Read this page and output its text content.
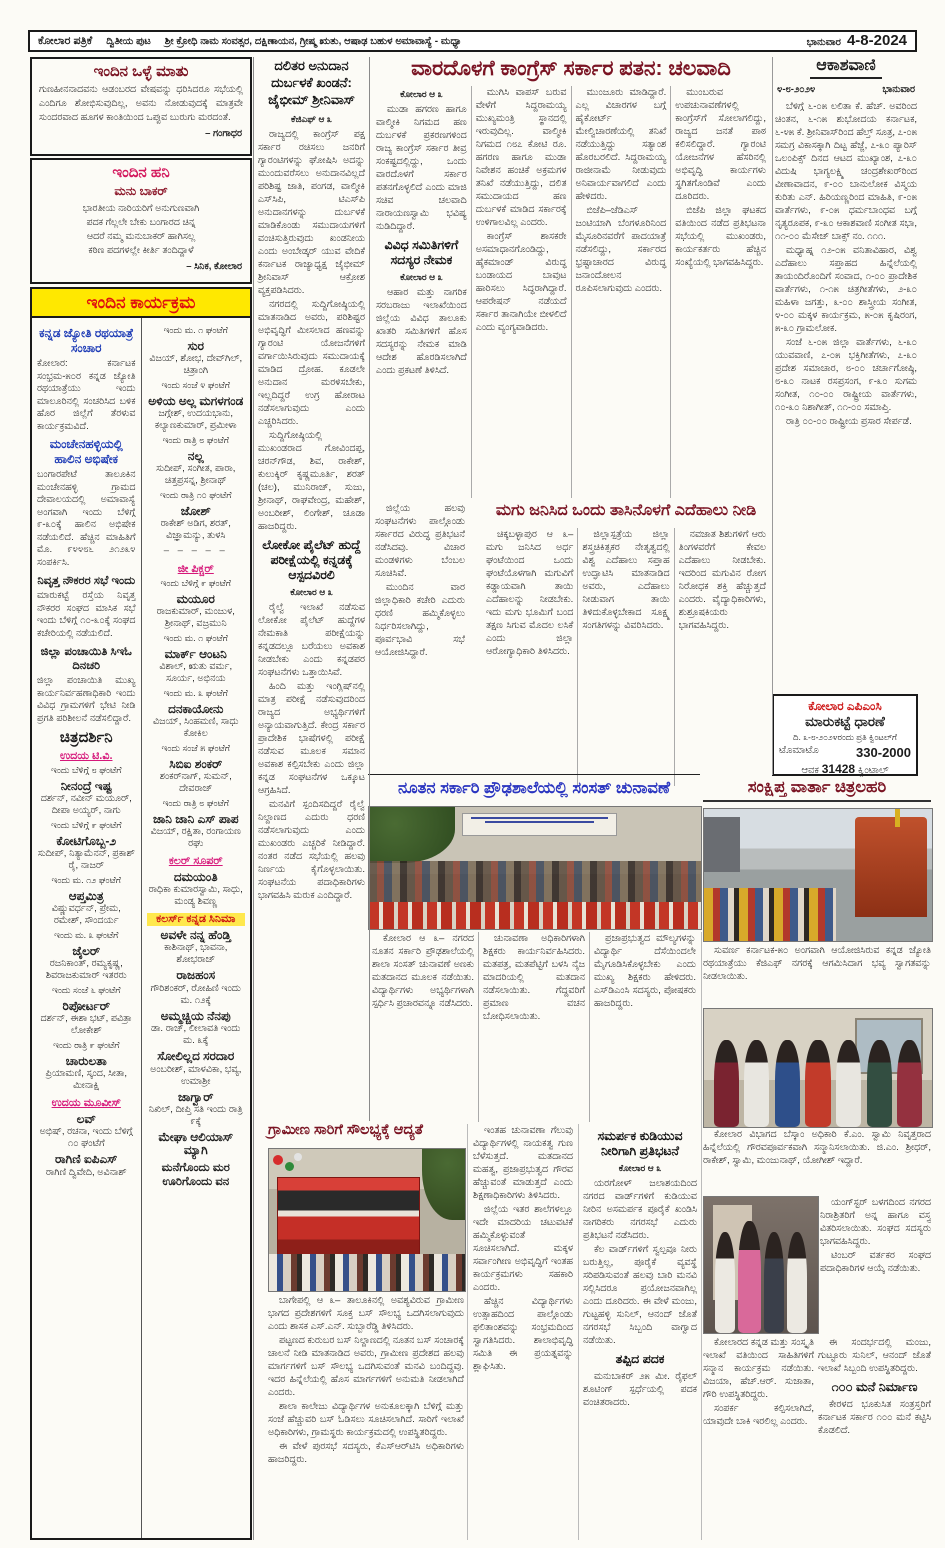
ಕೋಲಾರ ಪತ್ರಿಕೆ ದ್ವಿತೀಯ ಪುಟ ಶ್ರೀ ಕ್ರೋಧಿ ನಾಮ ಸಂವತ್ಸರ, ದಕ್ಷಿಣಾಯನ, ಗ್ರೀಷ್ಮ ಋತು, ಆಷಾಢ ಬಹುಳ ಅಮಾವಾಸ್ಯೆ - ಮಧ್ಯಾ	ಭಾನುವಾರ 4-8-2024
ಇಂದಿನ ಒಳ್ಳೆ ಮಾತು
ಗುಣಹೀನನಾದವನು ಆಡಂಬರದ ವೇಷವನ್ನು ಧರಿಸಿದರೂ ಸಭೆಯಲ್ಲಿ ಎಂದಿಗೂ ಶೋಭಿಸುವುದಿಲ್ಲ, ಅವನು ನೋಡುವುದಕ್ಕೆ ಮಾತ್ರವೇ ಸುಂದರವಾದ ಹೂಗಳ ಕಾಂತಿಯಿಂದ ಒಪ್ಪುವ ಬುರುಗು ಮರದಂತೆ.
– ಗಂಗಾಧರ
ಇಂದಿನ ಹನಿ
ಮನು ಬಾಕರ್
ಭಾರತೀಯ ನಾರಿಯರಿಗೆ ಅನುಗುಣವಾಗಿ
ಪದಕ ಗೆಲ್ಲಲೇ ಬೇಕು ಬಂಗಾರದ ಚಿನ್ನ
ಆದರೆ ನಮ್ಮ ಮನುಬಾಕರ್ ಹಾಗಿಸಲ್ಲ
ಕಠಿಣ ಪದಗಳಲ್ಲೇ ಕೀರ್ತಿ ತಂದಿದ್ದಾಳೆ
– ಸಿನಿಕ, ಕೋಲಾರ
ಇಂದಿನ ಕಾರ್ಯಕ್ರಮ
ಕನ್ನಡ ಜ್ಯೋತಿ ರಥಯಾತ್ರೆ ಸಂಚಾರ
ಕೋಲಾರ: ಕರ್ನಾಟಕ ಸಂಭ್ರಮ-೫೦ರ ಕನ್ನಡ ಜ್ಯೋತಿ ರಥಯಾತ್ರೆಯು ಇಂದು ಮಾಲೂರಿನಲ್ಲಿ ಸಂಚರಿಸಿದ ಬಳಿಕ ಹೊರ ಜಿಲ್ಲೆಗೆ ತೆರಳುವ ಕಾರ್ಯಕ್ರಮವಿದೆ.
ಮಂಚೇನಹಳ್ಳಿಯಲ್ಲಿ ಹಾಲಿನ ಅಭಿಷೇಕ
ಬಂಗಾರಪೇಟೆ ತಾಲೂಕಿನ ಮಂಚೇನಹಳ್ಳಿ ಗ್ರಾಮದ ದೇವಾಲಯದಲ್ಲಿ ಅಮಾವಾಸ್ಯೆ ಅಂಗವಾಗಿ ಇಂದು ಬೆಳಿಗ್ಗೆ ೯-೩೦ಕ್ಕೆ ಹಾಲಿನ ಅಭಿಷೇಕ ನಡೆಯಲಿದೆ. ಹೆಚ್ಚಿನ ಮಾಹಿತಿಗೆ ಮೊ. ೯೪೪೮೬ ೨೧೨೩೪ ಸಂಪರ್ಕಿಸಿ.
ನಿವೃತ್ತ ನೌಕರರ ಸಭೆ ಇಂದು
ಮಾರುಕಟ್ಟೆ ರಸ್ತೆಯ ನಿವೃತ್ತ ನೌಕರರ ಸಂಘದ ಮಾಸಿಕ ಸಭೆ ಇಂದು ಬೆಳಿಗ್ಗೆ ೧೦-೩೦ಕ್ಕೆ ಸಂಘದ ಕಚೇರಿಯಲ್ಲಿ ನಡೆಯಲಿದೆ.
ಜಿಲ್ಲಾ ಪಂಚಾಯಿತಿ ಸಿಇಓ ದಿನಚರಿ
ಜಿಲ್ಲಾ ಪಂಚಾಯಿತಿ ಮುಖ್ಯ ಕಾರ್ಯನಿರ್ವಹಣಾಧಿಕಾರಿ ಇಂದು ವಿವಿಧ ಗ್ರಾಮಗಳಿಗೆ ಭೇಟಿ ನೀಡಿ ಪ್ರಗತಿ ಪರಿಶೀಲನೆ ನಡೆಸಲಿದ್ದಾರೆ.
ಚಿತ್ರದರ್ಶಿನಿ
ಉದಯ ಟಿ.ವಿ.
ಇಂದು ಬೆಳಿಗ್ಗೆ ೮ ಘಂಟೆಗೆ
ನೀನಂದ್ರೆ ಇಷ್ಟ
ದರ್ಶನ್, ನವೀನ್ ಮಯೂರ್, ದೀಪಾ ಅಯ್ಯರ್, ನಾಗು
ಇಂದು ಬೆಳಿಗ್ಗೆ ೯ ಘಂಟೆಗೆ
ಕೋಟಿಗೊಬ್ಬ-೨
ಸುದೀಪ್, ನಿತ್ಯಾಮೆನನ್, ಪ್ರಕಾಶ್ ರೈ, ನಾಜರ್
ಇಂದು ಮ. ೧೨ ಘಂಟೆಗೆ
ಆಪ್ತಮಿತ್ರ
ವಿಷ್ಣುವರ್ಧನ್, ಪ್ರೇಮ, ರಮೇಶ್, ಸೌಂದರ್ಯ
ಇಂದು ಮ. ೩ ಘಂಟೆಗೆ
ಜೈಲರ್
ರಜನಿಕಾಂತ್, ರಮ್ಯಕೃಷ್ಣ, ಶಿವರಾಜಕುಮಾರ್ ಇತರರು
ಇಂದು ಸಂಜೆ ೬ ಘಂಟೆಗೆ
ರಿಪೋರ್ಟರ್
ದರ್ಶನ್, ಈಶಾ ಭಟ್, ಪವಿತ್ರಾ ಲೋಕೇಶ್
ಇಂದು ರಾತ್ರಿ ೯ ಘಂಟೆಗೆ
ಚಾರುಲತಾ
ಪ್ರಿಯಾಮಣಿ, ಸ್ಕಂದ, ಸೀತಾ, ಮೀನಾಕ್ಷಿ
ಉದಯ ಮೂವೀಸ್
ಲವ್
ಅಭಿಷ್, ರಚನಾ, ಇಂದು ಬೆಳಿಗ್ಗೆ ೧೦ ಘಂಟೆಗೆ
ರಾಗಿಣಿ ಐಪಿಎಸ್
ರಾಗಿಣಿ ದ್ವಿವೇದಿ, ಅವಿನಾಶ್
ಇಂದು ಮ. ೧ ಘಂಟೆಗೆ
ಸುರ
ವಿಜಯ್, ಶೋಭ, ದೇವ್‌ಗಿಲ್, ಚಿತ್ರಾಂಗಿ
ಇಂದು ಸಂಜೆ ೪ ಘಂಟೆಗೆ
ಅಳಿಯ ಅಲ್ಲ ಮಗಳಗಂಡ
ಜಗ್ಗೇಶ್, ಉದಯಭಾನು, ಕಲ್ಯಾಣಕುಮಾರ್, ಪ್ರಮೀಳಾ
ಇಂದು ರಾತ್ರಿ ೮ ಘಂಟೆಗೆ
ನಲ್ಲ
ಸುದೀಪ್, ಸಂಗೀತ, ಪಾರಾ, ಚಿತ್ತಪ್ರಸನ್ನ, ಶ್ರೀನಾಥ್
ಇಂದು ರಾತ್ರಿ ೧೦ ಘಂಟೆಗೆ
ಜೋಶ್
ರಾಕೇಶ್ ಅಡಿಗ, ಶರತ್, ವಿಜ್ಞಾಮನ್ಯು, ತುಳಸಿ
– – – – –
ಜೀ ಪಿಕ್ಚರ್
ಇಂದು ಬೆಳಿಗ್ಗೆ ೯ ಘಂಟೆಗೆ
ಮಯೂರ
ರಾಜಕುಮಾರ್, ಮಂಜುಳ, ಶ್ರೀನಾಥ್, ವಜ್ರಮುನಿ
ಇಂದು ಮ. ೧ ಘಂಟೆಗೆ
ಮಾರ್ಕ್ ಆಂಟನಿ
ವಿಶಾಲ್, ಋತು ವರ್ಮ, ಸೂರ್ಯ, ಅಭಿನಯ
ಇಂದು ಮ. ೩ ಘಂಟೆಗೆ
ದನಕಾಯೋನು
ವಿಜಯ್, ಸಿಂಹಮಣಿ, ಸಾಧು ಕೋಕಿಲ
ಇಂದು ಸಂಜೆ ೫ ಘಂಟೆಗೆ
ಸಿಬಿಐ ಶಂಕರ್
ಶಂಕರ್‌ನಾಗ್, ಸುಮನ್, ದೇವರಾಜ್
ಇಂದು ರಾತ್ರಿ ೮ ಘಂಟೆಗೆ
ಜಾನಿ ಜಾನಿ ಎಸ್ ಪಾಪ
ವಿಜಯ್, ರಕ್ಷಿತಾ, ರಂಗಾಯಣ ರಘು
ಕಲರ್ ಸೂಪರ್
ದಮಯಂತಿ
ರಾಧಿಕಾ ಕುಮಾರಸ್ವಾಮಿ, ಸಾಧು, ಮಂಡ್ಯ ಶಿವಣ್ಣ
ಕಲರ್ಸ್ ಕನ್ನಡ ಸಿನಿಮಾ
ಅವಳೇ ನನ್ನ ಹೆಂಡ್ತಿ
ಕಾಶಿನಾಥ್, ಭಾವನಾ, ಶೋಭರಾಜ್
ರಾಜಹಂಸ
ಗೌರಿಶಂಕರ್, ರೋಹಿಣಿ ಇಂದು ಮ. ೧೨ಕ್ಕೆ
ಅಮ್ಮಚ್ಚಿಯ ನೆನಪು
ಡಾ. ರಾಜ್, ಲೀಲಾವತಿ ಇಂದು ಮ. ೩ಕ್ಕೆ
ಸೋಲಿಲ್ಲದ ಸರದಾರ
ಅಂಬರೀಶ್, ಮಾಳವಿಕಾ, ಭವ್ಯ, ಉಮಾಶ್ರೀ
ಜಾಗ್ವಾರ್
ನಿಖಿಲ್, ದೀಪ್ತಿ ಸತಿ ಇಂದು ರಾತ್ರಿ ೯ಕ್ಕೆ
ಮೇಘಾ ಆಲಿಯಾಸ್ ಮ್ಯಾಗಿ
ಮನೆಗೊಂದು ಮರ ಊರಿಗೊಂದು ವನ
ದಲಿತರ ಅನುದಾನ ದುರ್ಬಳಕೆ ಖಂಡನೆ: ಜೈಭೀಮ್ ಶ್ರೀನಿವಾಸ್
ಕೆಜಿಎಫ್ ಆ ೩
ರಾಜ್ಯದಲ್ಲಿ ಕಾಂಗ್ರೆಸ್ ಪಕ್ಷ ಸರ್ಕಾರ ರಚಿಸಲು ಜನರಿಗೆ ಗ್ಯಾರಂಟಿಗಳನ್ನು ಘೋಷಿಸಿ ಅದನ್ನು ಮುಂದುವರೆಸಲು ಅನುದಾನವಿಲ್ಲದೆ ಪರಿಶಿಷ್ಟ ಜಾತಿ, ಪಂಗಡ, ವಾಲ್ಮೀಕಿ ಎಸ್‌ಸಿಪಿ, ಟಿಎಸ್‌ಪಿ ಅನುದಾನಗಳನ್ನು ದುರ್ಬಳಕೆ ಮಾಡಿಕೊಂಡು ಸಮುದಾಯಗಳಿಗೆ ವಂಚಿಸುತ್ತಿರುವುದು ಖಂಡನೀಯ ಎಂದು ಅಂಬೇಡ್ಕರ್ ಯುವ ವೇದಿಕೆ ಕರ್ನಾಟಕ ರಾಜ್ಯಾಧ್ಯಕ್ಷ ಜೈಭೀಮ್ ಶ್ರೀನಿವಾಸ್ ಆಕ್ರೋಶ ವ್ಯಕ್ತಪಡಿಸಿದರು.
ನಗರದಲ್ಲಿ ಸುದ್ದಿಗೋಷ್ಠಿಯಲ್ಲಿ ಮಾತನಾಡಿದ ಅವರು, ಪರಿಶಿಷ್ಟರ ಅಭಿವೃದ್ಧಿಗೆ ಮೀಸಲಾದ ಹಣವನ್ನು ಗ್ಯಾರಂಟಿ ಯೋಜನೆಗಳಿಗೆ ವರ್ಗಾಯಿಸಿರುವುದು ಸಮುದಾಯಕ್ಕೆ ಮಾಡಿದ ದ್ರೋಹ. ಕೂಡಲೇ ಅನುದಾನ ಮರಳಿಸಬೇಕು, ಇಲ್ಲದಿದ್ದರೆ ಉಗ್ರ ಹೋರಾಟ ನಡೆಸಲಾಗುವುದು ಎಂದು ಎಚ್ಚರಿಸಿದರು.
ಸುದ್ದಿಗೋಷ್ಠಿಯಲ್ಲಿ ಮುಖಂಡರಾದ ಗೋವಿಂದಪ್ಪ, ಚರನ್‌ಗೌಡ, ಶಿವ, ರಾಕೇಶ್, ಕುಲುಕ್ಕಿರ್ ಕೃಷ್ಣಮೂರ್ತಿ, ಶರತ್ (ಚಲ), ಮುನಿರಾಜ್, ಸುಜು, ಶ್ರೀನಾಥ್, ರಾಘವೇಂದ್ರ, ಮಹೇಶ್, ಅಂಬರೀಶ್, ಲಿಂಗೇಶ್, ಚೂಡಾ ಹಾಜರಿದ್ದರು.
ಲೋಕೋ ಪೈಲೆಟ್ ಹುದ್ದೆ ಪರೀಕ್ಷೆಯಲ್ಲಿ ಕನ್ನಡಕ್ಕೆ ಆಸ್ಪದವಿರಲಿ
ಕೋಲಾರ ಆ ೩
ರೈಲ್ವೆ ಇಲಾಖೆ ನಡೆಸುವ ಲೋಕೋ ಪೈಲೆಟ್ ಹುದ್ದೆಗಳ ನೇಮಕಾತಿ ಪರೀಕ್ಷೆಯನ್ನು ಕನ್ನಡದಲ್ಲೂ ಬರೆಯಲು ಅವಕಾಶ ನೀಡಬೇಕು ಎಂದು ಕನ್ನಡಪರ ಸಂಘಟನೆಗಳು ಒತ್ತಾಯಿಸಿವೆ.
ಹಿಂದಿ ಮತ್ತು ಇಂಗ್ಲಿಷ್‌ನಲ್ಲಿ ಮಾತ್ರ ಪರೀಕ್ಷೆ ನಡೆಸುವುದರಿಂದ ರಾಜ್ಯದ ಅಭ್ಯರ್ಥಿಗಳಿಗೆ ಅನ್ಯಾಯವಾಗುತ್ತಿದೆ. ಕೇಂದ್ರ ಸರ್ಕಾರ ಪ್ರಾದೇಶಿಕ ಭಾಷೆಗಳಲ್ಲಿ ಪರೀಕ್ಷೆ ನಡೆಸುವ ಮೂಲಕ ಸಮಾನ ಅವಕಾಶ ಕಲ್ಪಿಸಬೇಕು ಎಂದು ಜಿಲ್ಲಾ ಕನ್ನಡ ಸಂಘಟನೆಗಳ ಒಕ್ಕೂಟ ಆಗ್ರಹಿಸಿದೆ.
ಮನವಿಗೆ ಸ್ಪಂದಿಸದಿದ್ದರೆ ರೈಲ್ವೆ ನಿಲ್ದಾಣದ ಎದುರು ಧರಣಿ ನಡೆಸಲಾಗುವುದು ಎಂದು ಮುಖಂಡರು ಎಚ್ಚರಿಕೆ ನೀಡಿದ್ದಾರೆ. ನಂತರ ನಡೆದ ಸಭೆಯಲ್ಲಿ ಹಲವು ನಿರ್ಣಯ ಕೈಗೊಳ್ಳಲಾಯಿತು. ಸಂಘಟನೆಯ ಪದಾಧಿಕಾರಿಗಳು ಭಾಗವಹಿಸಿ ಮರುಕ ಎಂದಿದ್ದಾರೆ.
ವಾರದೊಳಗೆ ಕಾಂಗ್ರೆಸ್ ಸರ್ಕಾರ ಪತನ: ಚಲವಾದಿ
ಕೋಲಾರ ಆ ೩
ಮುಡಾ ಹಗರಣ ಹಾಗೂ ವಾಲ್ಮೀಕಿ ನಿಗಮದ ಹಣ ದುರ್ಬಳಕೆ ಪ್ರಕರಣಗಳಿಂದ ರಾಜ್ಯ ಕಾಂಗ್ರೆಸ್ ಸರ್ಕಾರ ತೀವ್ರ ಸಂಕಷ್ಟದಲ್ಲಿದ್ದು, ಒಂದು ವಾರದೊಳಗೆ ಸರ್ಕಾರ ಪತನಗೊಳ್ಳಲಿದೆ ಎಂದು ಮಾಜಿ ಸಚಿವ ಚಲವಾದಿ ನಾರಾಯಣಸ್ವಾಮಿ ಭವಿಷ್ಯ ನುಡಿದಿದ್ದಾರೆ.
ವಿವಿಧ ಸಮಿತಿಗಳಿಗೆ ಸದಸ್ಯರ ನೇಮಕ
ಕೋಲಾರ ಆ ೩
ಆಹಾರ ಮತ್ತು ನಾಗರಿಕ ಸರಬರಾಜು ಇಲಾಖೆಯಿಂದ ಜಿಲ್ಲೆಯ ವಿವಿಧ ತಾಲೂಕು ಖಾತರಿ ಸಮಿತಿಗಳಿಗೆ ಹೊಸ ಸದಸ್ಯರನ್ನು ನೇಮಕ ಮಾಡಿ ಆದೇಶ ಹೊರಡಿಸಲಾಗಿದೆ ಎಂದು ಪ್ರಕಟಣೆ ತಿಳಿಸಿದೆ.
ಮುಗಿಸಿ ವಾಪಸ್ ಬರುವ ವೇಳೆಗೆ ಸಿದ್ದರಾಮಯ್ಯ ಮುಖ್ಯಮಂತ್ರಿ ಸ್ಥಾನದಲ್ಲಿ ಇರುವುದಿಲ್ಲ. ವಾಲ್ಮೀಕಿ ನಿಗಮದ ೧೮೭ ಕೋಟಿ ರೂ. ಹಗರಣ ಹಾಗೂ ಮುಡಾ ನಿವೇಶನ ಹಂಚಿಕೆ ಅಕ್ರಮಗಳ ತನಿಖೆ ನಡೆಯುತ್ತಿದ್ದು, ದಲಿತ ಸಮುದಾಯದ ಹಣ ದುರ್ಬಳಕೆ ಮಾಡಿದ ಸರ್ಕಾರಕ್ಕೆ ಉಳಿಗಾಲವಿಲ್ಲ ಎಂದರು.
ಕಾಂಗ್ರೆಸ್ ಶಾಸಕರೇ ಅಸಮಾಧಾನಗೊಂಡಿದ್ದು, ಹೈಕಮಾಂಡ್ ವಿರುದ್ಧ ಬಂಡಾಯದ ಬಾವುಟ ಹಾರಿಸಲು ಸಿದ್ಧರಾಗಿದ್ದಾರೆ. ಆಪರೇಷನ್ ನಡೆಯದೆ ಸರ್ಕಾರ ತಾನಾಗಿಯೇ ಬೀಳಲಿದೆ ಎಂದು ವ್ಯಂಗ್ಯವಾಡಿದರು.
ಮುಂಜೂರು ಮಾಡಿದ್ದಾರೆ. ಎಲ್ಲ ವಿಚಾರಗಳ ಬಗ್ಗೆ ಹೈಕೋರ್ಟ್ ಮೇಲ್ವಿಚಾರಣೆಯಲ್ಲಿ ತನಿಖೆ ನಡೆಯುತ್ತಿದ್ದು ಸತ್ಯಾಂಶ ಹೊರಬರಲಿದೆ. ಸಿದ್ದರಾಮಯ್ಯ ರಾಜೀನಾಮೆ ನೀಡುವುದು ಅನಿವಾರ್ಯವಾಗಲಿದೆ ಎಂದು ಹೇಳಿದರು.
ಬಿಜೆಪಿ–ಜೆಡಿಎಸ್ ಜಂಟಿಯಾಗಿ ಬೆಂಗಳೂರಿನಿಂದ ಮೈಸೂರಿನವರೆಗೆ ಪಾದಯಾತ್ರೆ ನಡೆಸಲಿದ್ದು, ಸರ್ಕಾರದ ಭ್ರಷ್ಟಾಚಾರದ ವಿರುದ್ಧ ಜನಾಂದೋಲನ ರೂಪಿಸಲಾಗುವುದು ಎಂದರು.
ಮುಂಬರುವ ಉಪಚುನಾವಣೆಗಳಲ್ಲಿ ಕಾಂಗ್ರೆಸ್‌ಗೆ ಸೋಲಾಗಲಿದ್ದು, ರಾಜ್ಯದ ಜನತೆ ಪಾಠ ಕಲಿಸಲಿದ್ದಾರೆ. ಗ್ಯಾರಂಟಿ ಯೋಜನೆಗಳ ಹೆಸರಿನಲ್ಲಿ ಅಭಿವೃದ್ಧಿ ಕಾರ್ಯಗಳು ಸ್ಥಗಿತಗೊಂಡಿವೆ ಎಂದು ದೂರಿದರು.
ಬಿಜೆಪಿ ಜಿಲ್ಲಾ ಘಟಕದ ವತಿಯಿಂದ ನಡೆದ ಪ್ರತಿಭಟನಾ ಸಭೆಯಲ್ಲಿ ಮುಖಂಡರು, ಕಾರ್ಯಕರ್ತರು ಹೆಚ್ಚಿನ ಸಂಖ್ಯೆಯಲ್ಲಿ ಭಾಗವಹಿಸಿದ್ದರು.
ಜಿಲ್ಲೆಯ ಹಲವು ಸಂಘಟನೆಗಳು ಪಾಲ್ಗೊಂಡು ಸರ್ಕಾರದ ವಿರುದ್ಧ ಪ್ರತಿಭಟನೆ ನಡೆಸಿದವು. ವಿಚಾರ ಮಂಡಳಿಗಳು ಬೆಂಬಲ ಸೂಚಿಸಿವೆ.
ಮುಂದಿನ ವಾರ ಜಿಲ್ಲಾಧಿಕಾರಿ ಕಚೇರಿ ಎದುರು ಧರಣಿ ಹಮ್ಮಿಕೊಳ್ಳಲು ನಿರ್ಧರಿಸಲಾಗಿದ್ದು, ಪೂರ್ವಭಾವಿ ಸಭೆ ಆಯೋಜಿಸಿದ್ದಾರೆ.
ಮಗು ಜನಿಸಿದ ಒಂದು ತಾಸಿನೊಳಗೆ ಎದೆಹಾಲು ನೀಡಿ
ಚಿಕ್ಕಬಳ್ಳಾಪುರ ಆ ೩– ಮಗು ಜನಿಸಿದ ಅರ್ಧ ಘಂಟೆಯಿಂದ ಒಂದು ಘಂಟೆಯೊಳಗಾಗಿ ಮಗುವಿಗೆ ಕಡ್ಡಾಯವಾಗಿ ತಾಯಿ ಎದೆಹಾಲನ್ನು ನೀಡಬೇಕು. ಇದು ಮಗು ಭೂಮಿಗೆ ಬಂದ ತಕ್ಷಣ ಸಿಗುವ ಮೊದಲ ಲಸಿಕೆ ಎಂದು ಜಿಲ್ಲಾ ಆರೋಗ್ಯಾಧಿಕಾರಿ ತಿಳಿಸಿದರು.
ಜಿಲ್ಲಾಸ್ಪತ್ರೆಯ ಜಿಲ್ಲಾ ಶಸ್ತ್ರಚಿಕಿತ್ಸಕರ ನೇತೃತ್ವದಲ್ಲಿ ವಿಶ್ವ ಎದೆಹಾಲು ಸಪ್ತಾಹ ಉದ್ಘಾಟಿಸಿ ಮಾತನಾಡಿದ ಅವರು, ಎದೆಹಾಲು ನೀಡುವಾಗ ತಾಯಿ ತಿಳಿದುಕೊಳ್ಳಬೇಕಾದ ಸೂಕ್ಷ್ಮ ಸಂಗತಿಗಳನ್ನು ವಿವರಿಸಿದರು.
ನವಜಾತ ಶಿಶುಗಳಿಗೆ ಆರು ತಿಂಗಳವರೆಗೆ ಕೇವಲ ಎದೆಹಾಲು ನೀಡಬೇಕು. ಇದರಿಂದ ಮಗುವಿನ ರೋಗ ನಿರೋಧಕ ಶಕ್ತಿ ಹೆಚ್ಚುತ್ತದೆ ಎಂದರು. ವೈದ್ಯಾಧಿಕಾರಿಗಳು, ಶುಶ್ರೂಷಕಿಯರು ಭಾಗವಹಿಸಿದ್ದರು.
ನೂತನ ಸರ್ಕಾರಿ ಪ್ರೌಢಶಾಲೆಯಲ್ಲಿ ಸಂಸತ್ ಚುನಾವಣೆ
ಕೋಲಾರ ಆ ೩– ನಗರದ ನೂತನ ಸರ್ಕಾರಿ ಪ್ರೌಢಶಾಲೆಯಲ್ಲಿ ಶಾಲಾ ಸಂಸತ್ ಚುನಾವಣೆ ಅಣಕು ಮತದಾನದ ಮೂಲಕ ನಡೆಯಿತು. ವಿದ್ಯಾರ್ಥಿಗಳು ಅಭ್ಯರ್ಥಿಗಳಾಗಿ ಸ್ಪರ್ಧಿಸಿ ಪ್ರಚಾರವನ್ನೂ ನಡೆಸಿದರು.
ಚುನಾವಣಾ ಅಧಿಕಾರಿಗಳಾಗಿ ಶಿಕ್ಷಕರು ಕಾರ್ಯನಿರ್ವಹಿಸಿದರು. ಮತಪತ್ರ, ಮತಪೆಟ್ಟಿಗೆ ಬಳಸಿ ನೈಜ ಮಾದರಿಯಲ್ಲಿ ಮತದಾನ ನಡೆಸಲಾಯಿತು. ಗೆದ್ದವರಿಗೆ ಪ್ರಮಾಣ ವಚನ ಬೋಧಿಸಲಾಯಿತು.
ಪ್ರಜಾಪ್ರಭುತ್ವದ ಮೌಲ್ಯಗಳನ್ನು ವಿದ್ಯಾರ್ಥಿ ದೆಸೆಯಿಂದಲೇ ಮೈಗೂಡಿಸಿಕೊಳ್ಳಬೇಕು ಎಂದು ಮುಖ್ಯ ಶಿಕ್ಷಕರು ಹೇಳಿದರು. ಎಸ್‌ಡಿಎಂಸಿ ಸದಸ್ಯರು, ಪೋಷಕರು ಹಾಜರಿದ್ದರು.
ಗ್ರಾಮೀಣ ಸಾರಿಗೆ ಸೌಲಭ್ಯಕ್ಕೆ ಆದ್ಯತೆ
ಬಾಗೇಪಲ್ಲಿ ಆ ೩– ತಾಲೂಕಿನಲ್ಲಿ ಅವಶ್ಯವಿರುವ ಗ್ರಾಮೀಣ ಭಾಗದ ಪ್ರದೇಶಗಳಿಗೆ ಸೂಕ್ತ ಬಸ್ ಸೌಲಭ್ಯ ಒದಗಿಸಲಾಗುವುದು ಎಂದು ಶಾಸಕ ಎಸ್.ಎನ್. ಸುಬ್ಬಾರೆಡ್ಡಿ ತಿಳಿಸಿದರು.
ಪಟ್ಟಣದ ಕುರುಬರ ಬಸ್ ನಿಲ್ದಾಣದಲ್ಲಿ ನೂತನ ಬಸ್ ಸಂಚಾರಕ್ಕೆ ಚಾಲನೆ ನೀಡಿ ಮಾತನಾಡಿದ ಅವರು, ಗ್ರಾಮೀಣ ಪ್ರದೇಶದ ಹಲವು ಮಾರ್ಗಗಳಿಗೆ ಬಸ್ ಸೌಲಭ್ಯ ಒದಗಿಸುವಂತೆ ಮನವಿ ಬಂದಿದ್ದವು. ಇದರ ಹಿನ್ನೆಲೆಯಲ್ಲಿ ಹೊಸ ಮಾರ್ಗಗಳಿಗೆ ಅನುಮತಿ ನೀಡಲಾಗಿದೆ ಎಂದರು.
ಶಾಲಾ ಕಾಲೇಜು ವಿದ್ಯಾರ್ಥಿಗಳ ಅನುಕೂಲಕ್ಕಾಗಿ ಬೆಳಿಗ್ಗೆ ಮತ್ತು ಸಂಜೆ ಹೆಚ್ಚುವರಿ ಬಸ್ ಓಡಿಸಲು ಸೂಚಿಸಲಾಗಿದೆ. ಸಾರಿಗೆ ಇಲಾಖೆ ಅಧಿಕಾರಿಗಳು, ಗ್ರಾಮಸ್ಥರು ಕಾರ್ಯಕ್ರಮದಲ್ಲಿ ಉಪಸ್ಥಿತರಿದ್ದರು.
ಈ ವೇಳೆ ಪುರಸಭೆ ಸದಸ್ಯರು, ಕೆಎಸ್‌ಆರ್‌ಟಿಸಿ ಅಧಿಕಾರಿಗಳು ಹಾಜರಿದ್ದರು.
ಇಂತಹ ಚುನಾವಣಾ ಗೆಲುವು ವಿದ್ಯಾರ್ಥಿಗಳಲ್ಲಿ ನಾಯಕತ್ವ ಗುಣ ಬೆಳೆಸುತ್ತದೆ. ಮತದಾನದ ಮಹತ್ವ, ಪ್ರಜಾಪ್ರಭುತ್ವದ ಗೌರವ ಹೆಚ್ಚುವಂತೆ ಮಾಡುತ್ತದೆ ಎಂದು ಶಿಕ್ಷಣಾಧಿಕಾರಿಗಳು ತಿಳಿಸಿದರು.
ಜಿಲ್ಲೆಯ ಇತರ ಶಾಲೆಗಳಲ್ಲೂ ಇದೇ ಮಾದರಿಯ ಚಟುವಟಿಕೆ ಹಮ್ಮಿಕೊಳ್ಳುವಂತೆ ಸೂಚಿಸಲಾಗಿದೆ. ಮಕ್ಕಳ ಸರ್ವಾಂಗೀಣ ಅಭಿವೃದ್ಧಿಗೆ ಇಂತಹ ಕಾರ್ಯಕ್ರಮಗಳು ಸಹಕಾರಿ ಎಂದರು.
ಹೆಚ್ಚಿನ ವಿದ್ಯಾರ್ಥಿಗಳು ಉತ್ಸಾಹದಿಂದ ಪಾಲ್ಗೊಂಡು ಫಲಿತಾಂಶವನ್ನು ಸಂಭ್ರಮದಿಂದ ಸ್ವಾಗತಿಸಿದರು. ಶಾಲಾಭಿವೃದ್ಧಿ ಸಮಿತಿ ಈ ಪ್ರಯತ್ನವನ್ನು ಶ್ಲಾಘಿಸಿತು.
ಸಮರ್ಪಕ ಕುಡಿಯುವ ನೀರಿಗಾಗಿ ಪ್ರತಿಭಟನೆ
ಕೋಲಾರ ಆ ೩
ಯರಗೋಳ್ ಜಲಾಶಯದಿಂದ ನಗರದ ವಾರ್ಡ್‌ಗಳಿಗೆ ಕುಡಿಯುವ ನೀರಿನ ಅಸಮರ್ಪಕ ಪೂರೈಕೆ ಖಂಡಿಸಿ ನಾಗರಿಕರು ನಗರಸಭೆ ಎದುರು ಪ್ರತಿಭಟನೆ ನಡೆಸಿದರು.
ಕೆಲ ವಾರ್ಡ್‌ಗಳಿಗೆ ಸ್ವಲ್ಪವೂ ನೀರು ಬರುತ್ತಿಲ್ಲ, ಪೂರೈಕೆ ವ್ಯವಸ್ಥೆ ಸರಿಪಡಿಸುವಂತೆ ಹಲವು ಬಾರಿ ಮನವಿ ಸಲ್ಲಿಸಿದರೂ ಪ್ರಯೋಜನವಾಗಿಲ್ಲ ಎಂದು ದೂರಿದರು. ಈ ವೇಳೆ ಮಂಜು, ಗುಟ್ಟಹಳ್ಳಿ ಸುನಿಲ್, ಆನಂದ್ ಜೊತೆ ನಗರಸಭೆ ಸಿಬ್ಬಂದಿ ವಾಗ್ವಾದ ನಡೆಯಿತು.
ತಪ್ಪಿದ ಪದಕ
ಮನುಬಾಕರ್ ೨೫ ಮೀ. ರೈಫಲ್ ಶೂಟಿಂಗ್ ಸ್ಪರ್ಧೆಯಲ್ಲಿ ಪದಕ ವಂಚಿತರಾದರು.
ಆಕಾಶವಾಣಿ
೪-೮-೨೦೨೪	ಭಾನುವಾರ
ಬೆಳಿಗ್ಗೆ ೬-೦೫ ಲಲಿತಾ ಕೆ. ಹೆಚ್. ಅವರಿಂದ ಚಿಂತನ, ೬-೧೫ ಶುಭೋದಯ ಕರ್ನಾಟಕ, ೬-೪೫ ಕೆ. ಶ್ರೀನಿವಾಸ್‌ರಿಂದ ಹೆಲ್ತ್ ಸೂತ್ರ, ೭-೦೫ ಸಮಗ್ರ ವಿಕಾಸಕ್ಕಾಗಿ ದಿಟ್ಟ ಹೆಜ್ಜೆ, ೭-೩೦ ಪ್ಯಾರಿಸ್ ಒಲಂಪಿಕ್ಸ್ ದಿನದ ಆಟದ ಮುಖ್ಯಾಂಶ, ೭-೩೦ ವಿದುಷಿ ಭಾಗ್ಯಲಕ್ಷ್ಮಿ ಚಂದ್ರಶೇಖರ್‌ರಿಂದ ವೀಣಾವಾದನ, ೯-೦೦ ಬಾನುಲೋಕ ವಿಸ್ಮಯ ಕುರಿತು ಎನ್. ಹಿರಿಯಣ್ಣರಿಂದ ಮಾಹಿತಿ, ೯-೦೫ ವಾರ್ತೆಗಳು, ೯-೦೫ ಧರ್ಮಬಾಂಧವ ಬಗ್ಗೆ ನೃತ್ಯರೂಪಕ, ೯-೩೦ ಆಕಾಶವಾಣಿ ಸಂಗೀತ ಸಭಾ, ೧೧-೦೦ ಮೆಸೇಜ್ ಬಾಕ್ಸ್ ನಂ. ೧೧೧.
ಮಧ್ಯಾಹ್ನ ೧೨-೦೫ ವನಿತಾವಿಹಾರ, ವಿಶ್ವ ಎದೆಹಾಲು ಸಪ್ತಾಹದ ಹಿನ್ನೆಲೆಯಲ್ಲಿ ತಾಯಂದಿರೊಂದಿಗೆ ಸಂವಾದ, ೧-೦೦ ಪ್ರಾದೇಶಿಕ ವಾರ್ತೆಗಳು, ೧-೧೫ ಚಿತ್ರಗೀತೆಗಳು, ೨-೩೦ ಮಹಿಳಾ ಜಗತ್ತು, ೩-೦೦ ಶಾಸ್ತ್ರೀಯ ಸಂಗೀತ, ೪-೦೦ ಮಕ್ಕಳ ಕಾರ್ಯಕ್ರಮ, ೫-೦೫ ಕೃಷಿರಂಗ, ೫-೩೦ ಗ್ರಾಮಲೋಕ.
ಸಂಜೆ ೬-೦೫ ಜಿಲ್ಲಾ ವಾರ್ತೆಗಳು, ೬-೩೦ ಯುವವಾಣಿ, ೭-೦೫ ಭಕ್ತಿಗೀತೆಗಳು, ೭-೩೦ ಪ್ರದೇಶ ಸಮಾಚಾರ, ೮-೦೦ ಚರ್ಚಾಗೋಷ್ಠಿ, ೮-೩೦ ನಾಟಕ ರಸಪ್ರಸಂಗ, ೯-೩೦ ಸುಗಮ ಸಂಗೀತ, ೧೦-೦೦ ರಾಷ್ಟ್ರೀಯ ವಾರ್ತೆಗಳು, ೧೦-೩೦ ನಿಶಾಗೀತ್, ೧೧-೦೦ ಸಮಾಪ್ತಿ.
ರಾತ್ರಿ ೦೦-೦೦ ರಾಷ್ಟ್ರೀಯ ಪ್ರಸಾರ ಸೇರ್ಪಡೆ.
ಕೋಲಾರ ಎಪಿಎಂಸಿ
ಮಾರುಕಟ್ಟೆ ಧಾರಣೆ
ದಿ. ೩-೮-೨೦೨೪ರಂದು ಪ್ರತಿ ಕ್ವಿಂಟಲ್‌ಗೆ
ಟೊಮಾಟೊ	330-2000
ಆವಕ 31428 ಕ್ವಿಂಟಾಲ್
ಸಂಕ್ಷಿಪ್ತ ವಾರ್ತಾ ಚಿತ್ರಲಹರಿ
ಸುವರ್ಣ ಕರ್ನಾಟಕ-೫೦ ಅಂಗವಾಗಿ ಆಯೋಜಿಸಿರುವ ಕನ್ನಡ ಜ್ಯೋತಿ ರಥಯಾತ್ರೆಯು ಕೆಜಿಎಫ್ ನಗರಕ್ಕೆ ಆಗಮಿಸಿದಾಗ ಭವ್ಯ ಸ್ವಾಗತವನ್ನು ನೀಡಲಾಯಿತು.
ಕೋಲಾರ ವಿಭಾಗದ ಬೆಸ್ಕಾಂ ಅಧಿಕಾರಿ ಕೆ.ಎಂ. ಸ್ವಾಮಿ ನಿವೃತ್ತರಾದ ಹಿನ್ನೆಲೆಯಲ್ಲಿ ಗೌರವಪೂರ್ವಕವಾಗಿ ಸನ್ಮಾನಿಸಲಾಯಿತು. ಜಿ.ಎಂ. ಶ್ರೀಧರ್, ರಾಕೇಶ್, ಸ್ವಾಮಿ, ಮಂಜುನಾಥ್, ಯೋಗೀಶ್ ಇದ್ದಾರೆ.
ಯಂಗ್‌ಸ್ಟರ್ ಬಳಗದಿಂದ ನಗರದ ನಿರಾಶ್ರಿತರಿಗೆ ಅನ್ನ ಹಾಗೂ ವಸ್ತ್ರ ವಿತರಿಸಲಾಯಿತು. ಸಂಘದ ಸದಸ್ಯರು ಭಾಗವಹಿಸಿದ್ದರು.
ಟಿಂಬರ್ ವರ್ತಕರ ಸಂಘದ ಪದಾಧಿಕಾರಿಗಳ ಆಯ್ಕೆ ನಡೆಯಿತು.
ಕೋಲಾರದ ಕನ್ನಡ ಮತ್ತು ಸಂಸ್ಕೃತಿ ಇಲಾಖೆ ವತಿಯಿಂದ ಸಾಹಿತಿಗಳಿಗೆ ಸನ್ಮಾನ ಕಾರ್ಯಕ್ರಮ ನಡೆಯಿತು. ವಿಜಯಾ, ಹೆಚ್.ಆರ್. ಸುಜಾತಾ, ಗೌರಿ ಉಪಸ್ಥಿತರಿದ್ದರು.
ಸಂಪರ್ಕ ಕಲ್ಪಿಸಲಾಗಿದೆ, ಯಾವುದೇ ಬಾಕಿ ಇರಲಿಲ್ಲ ಎಂದರು.
ಈ ಸಂದರ್ಭದಲ್ಲಿ ಮಂಜು, ಗುಟ್ಟೂರು ಸುನಿಲ್, ಆನಂದ್ ಜೊತೆ ಇಲಾಖೆ ಸಿಬ್ಬಂದಿ ಉಪಸ್ಥಿತರಿದ್ದರು.
೧೦೦ ಮನೆ ನಿರ್ಮಾಣ
ಕೇರಳದ ಭೂಕುಸಿತ ಸಂತ್ರಸ್ತರಿಗೆ ಕರ್ನಾಟಕ ಸರ್ಕಾರ ೧೦೦ ಮನೆ ಕಟ್ಟಿಸಿ ಕೊಡಲಿದೆ.
